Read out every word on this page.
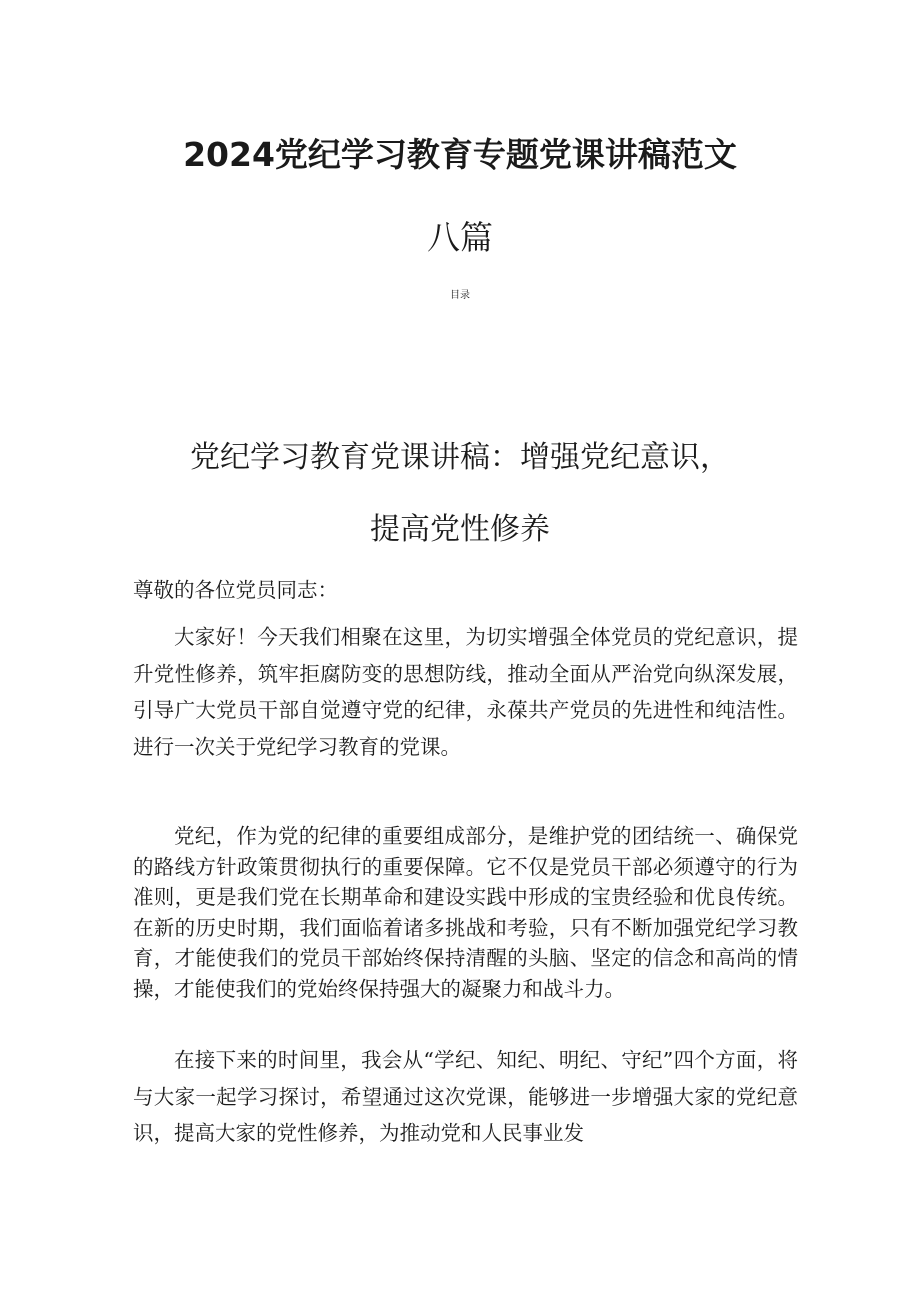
2024党纪学习教育专题党课讲稿范文
八篇

目录

党纪学习教育党课讲稿：增强党纪意识，
提高党性修养

尊敬的各位党员同志：

大家好！今天我们相聚在这里，为切实增强全体党员的党纪意识，提升党性修养，筑牢拒腐防变的思想防线，推动全面从严治党向纵深发展，引导广大党员干部自觉遵守党的纪律，永葆共产党员的先进性和纯洁性。进行一次关于党纪学习教育的党课。

党纪，作为党的纪律的重要组成部分，是维护党的团结统一、确保党的路线方针政策贯彻执行的重要保障。它不仅是党员干部必须遵守的行为准则，更是我们党在长期革命和建设实践中形成的宝贵经验和优良传统。在新的历史时期，我们面临着诸多挑战和考验，只有不断加强党纪学习教育，才能使我们的党员干部始终保持清醒的头脑、坚定的信念和高尚的情操，才能使我们的党始终保持强大的凝聚力和战斗力。

在接下来的时间里，我会从“学纪、知纪、明纪、守纪”四个方面，将与大家一起学习探讨，希望通过这次党课，能够进一步增强大家的党纪意识，提高大家的党性修养，为推动党和人民事业发
